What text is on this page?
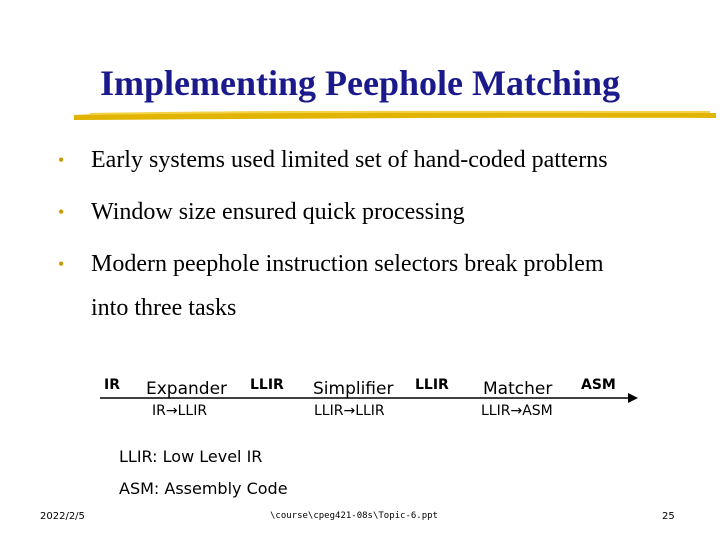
Implementing Peephole Matching
• Early systems used limited set of hand-coded patterns
• Window size ensured quick processing
• Modern peephole instruction selectors break problem
into three tasks
IR Expander
IR→LLIR
LLIR Simplifier
LLIR→LLIR
LLIR Matcher
LLIR→ASM
ASM
LLIR: Low Level IR
ASM: Assembly Code
2022/2/5	\course\cpeg421-08s\Topic-6.ppt	25
